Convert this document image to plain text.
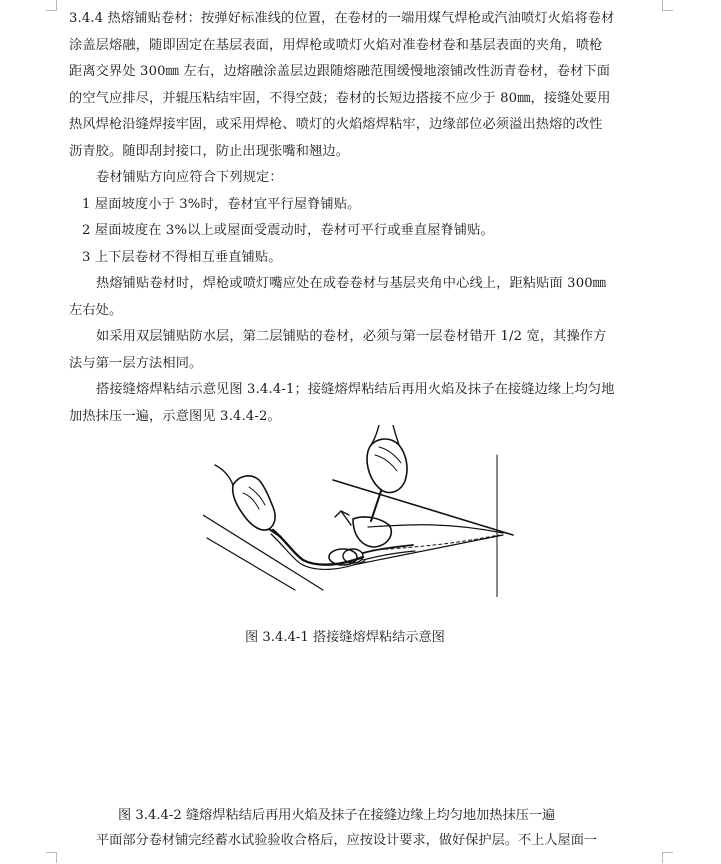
3.4.4 热熔铺贴卷材：按弹好标准线的位置，在卷材的一端用煤气焊枪或汽油喷灯火焰将卷材
涂盖层熔融，随即固定在基层表面，用焊枪或喷灯火焰对准卷材卷和基层表面的夹角，喷枪
距离交界处 300㎜ 左右，边熔融涂盖层边跟随熔融范围缓慢地滚铺改性沥青卷材，卷材下面
的空气应排尽，并辊压粘结牢固，不得空鼓；卷材的长短边搭接不应少于 80㎜，接缝处要用
热风焊枪沿缝焊接牢固，或采用焊枪、喷灯的火焰熔焊粘牢，边缘部位必须溢出热熔的改性
沥青胶。随即刮封接口，防止出现张嘴和翘边。
卷材铺贴方向应符合下列规定：
1 屋面坡度小于 3%时，卷材宜平行屋脊铺贴。
2 屋面坡度在 3%以上或屋面受震动时，卷材可平行或垂直屋脊铺贴。
3 上下层卷材不得相互垂直铺贴。
热熔铺贴卷材时，焊枪或喷灯嘴应处在成卷卷材与基层夹角中心线上，距粘贴面 300㎜
左右处。
如采用双层铺贴防水层，第二层铺贴的卷材，必须与第一层卷材错开 1/2 宽，其操作方
法与第一层方法相同。
搭接缝熔焊粘结示意见图 3.4.4-1；接缝熔焊粘结后再用火焰及抹子在接缝边缘上均匀地
加热抹压一遍，示意图见 3.4.4-2。
图 3.4.4-1 搭接缝熔焊粘结示意图
图 3.4.4-2 缝熔焊粘结后再用火焰及抹子在接缝边缘上均匀地加热抹压一遍
平面部分卷材铺完经蓄水试验验收合格后，应按设计要求，做好保护层。不上人屋面一
